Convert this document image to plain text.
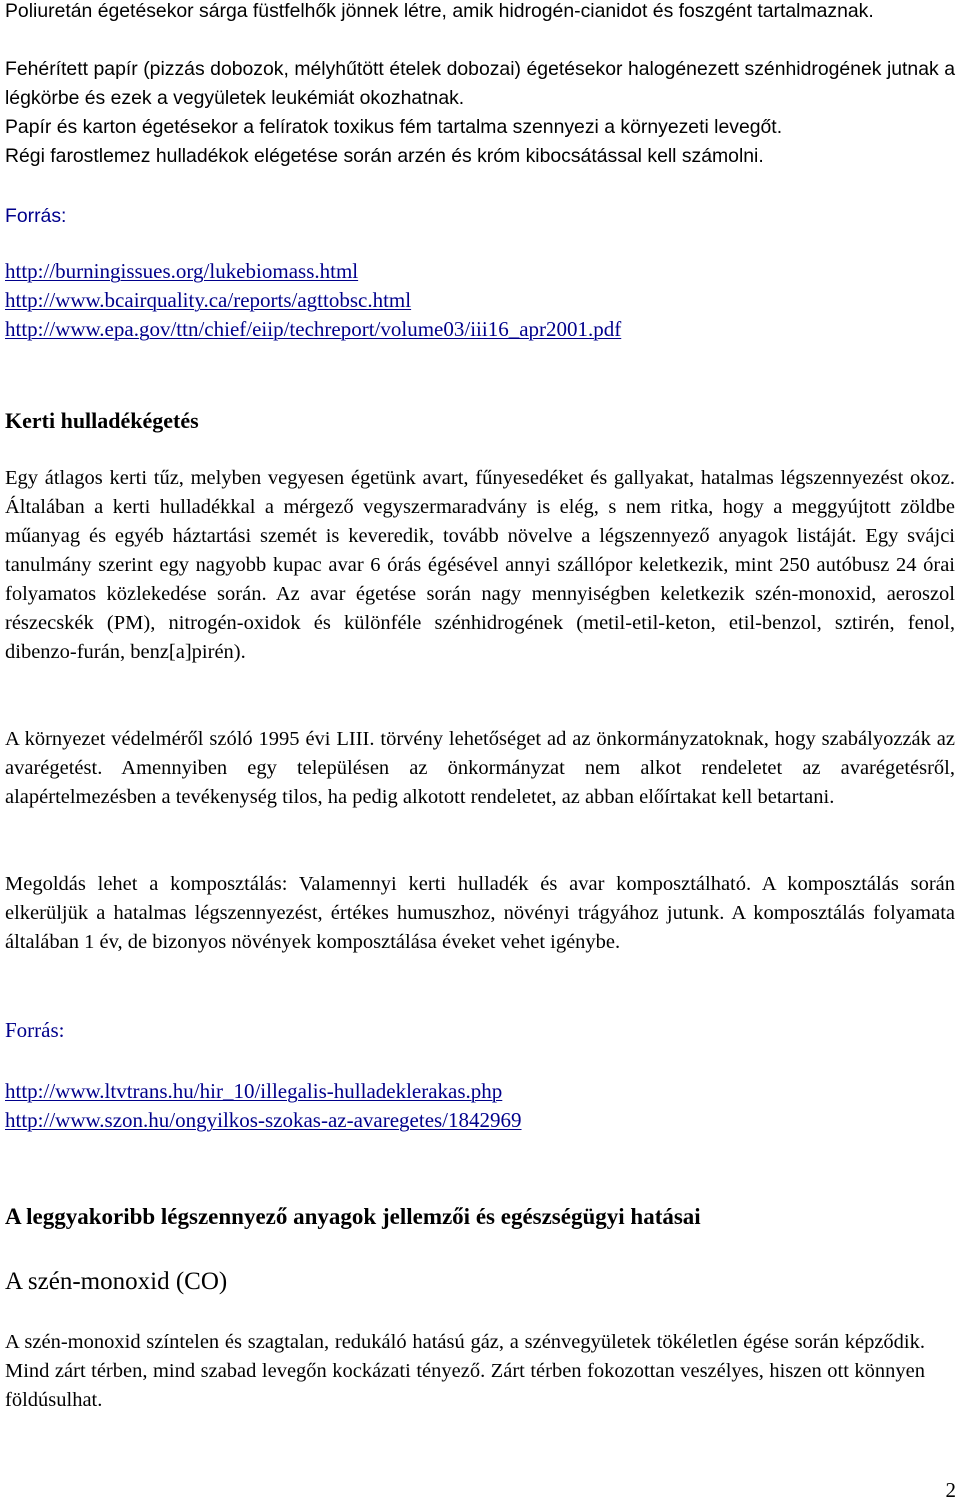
Poliuretán égetésekor sárga füstfelhők jönnek létre, amik hidrogén-cianidot és foszgént tartalmaznak.

Fehérített papír (pizzás dobozok, mélyhűtött ételek dobozai) égetésekor halogénezett szénhidrogének jutnak a légkörbe és ezek a vegyületek leukémiát okozhatnak.

Papír és karton égetésekor a felíratok toxikus fém tartalma szennyezi a környezeti levegőt.

Régi farostlemez hulladékok elégetése során arzén és króm kibocsátással kell számolni.

Forrás:

http://burningissues.org/lukebiomass.html
http://www.bcairquality.ca/reports/agttobsc.html
http://www.epa.gov/ttn/chief/eiip/techreport/volume03/iii16_apr2001.pdf
Kerti hulladékégetés

Egy átlagos kerti tűz, melyben vegyesen égetünk avart, fűnyesedéket és gallyakat, hatalmas légszennyezést okoz. Általában a kerti hulladékkal a mérgező vegyszermaradvány is elég, s nem ritka, hogy a meggyújtott zöldbe műanyag és egyéb háztartási szemét is keveredik, tovább növelve a légszennyező anyagok listáját. Egy svájci tanulmány szerint egy nagyobb kupac avar 6 órás égésével annyi szállópor keletkezik, mint 250 autóbusz 24 órai folyamatos közlekedése során. Az avar égetése során nagy mennyiségben keletkezik szén-monoxid, aeroszol részecskék (PM), nitrogén-oxidok és különféle szénhidrogének (metil-etil-keton, etil-benzol, sztirén, fenol, dibenzo-furán, benz[a]pirén).

A környezet védelméről szóló 1995 évi LIII. törvény lehetőséget ad az önkormányzatoknak, hogy szabályozzák az avarégetést. Amennyiben egy településen az önkormányzat nem alkot rendeletet az avarégetésről, alapértelmezésben a tevékenység tilos, ha pedig alkotott rendeletet, az abban előírtakat kell betartani.

Megoldás lehet a komposztálás: Valamennyi kerti hulladék és avar komposztálható. A komposztálás során elkerüljük a hatalmas légszennyezést, értékes humuszhoz, növényi trágyához jutunk. A komposztálás folyamata általában 1 év, de bizonyos növények komposztálása éveket vehet igénybe.

Forrás:

http://www.ltvtrans.hu/hir_10/illegalis-hulladeklerakas.php
http://www.szon.hu/ongyilkos-szokas-az-avaregetes/1842969
A leggyakoribb légszennyező anyagok jellemzői és egészségügyi hatásai
A szén-monoxid (CO)

A szén-monoxid színtelen és szagtalan, redukáló hatású gáz, a szénvegyületek tökéletlen égése során képződik. Mind zárt térben, mind szabad levegőn kockázati tényező. Zárt térben fokozottan veszélyes, hiszen ott könnyen földúsulhat.

2
